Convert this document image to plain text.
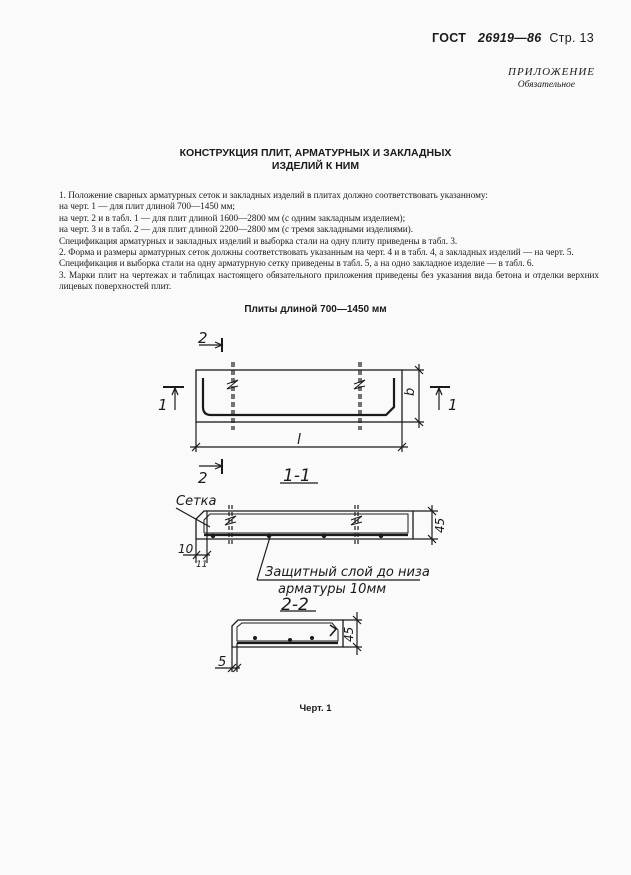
ГОСТ 26919—86 Стр. 13
ПРИЛОЖЕНИЕ
Обязательное
КОНСТРУКЦИЯ ПЛИТ, АРМАТУРНЫХ И ЗАКЛАДНЫХ
ИЗДЕЛИЙ К НИМ

1. Положение сварных арматурных сеток и закладных изделий в плитах должно соответствовать указанному:

на черт. 1 — для плит длиной 700—1450 мм;

на черт. 2 и в табл. 1 — для плит длиной 1600—2800 мм (с одним закладным изделием);

на черт. 3 и в табл. 2 — для плит длиной 2200—2800 мм (с тремя закладными изделиями).

Спецификация арматурных и закладных изделий и выборка стали на одну плиту приведены в табл. 3.

2. Форма и размеры арматурных сеток должны соответствовать указанным на черт. 4 и в табл. 4, а закладных изделий — на черт. 5.

Спецификация и выборка стали на одну арматурную сетку приведены в табл. 5, а на одно закладное изделие — в табл. 6.

3. Марки плит на чертежах и таблицах настоящего обязательного приложения приведены без указания вида бетона и отделки верхних лицевых поверхностей плит.

Плиты длиной 700—1450 мм
2
2
1	1
b
l
1-1
Сетка
10
11
45
Защитный слой до низа
арматуры 10мм
2-2
45
5
Черт. 1
